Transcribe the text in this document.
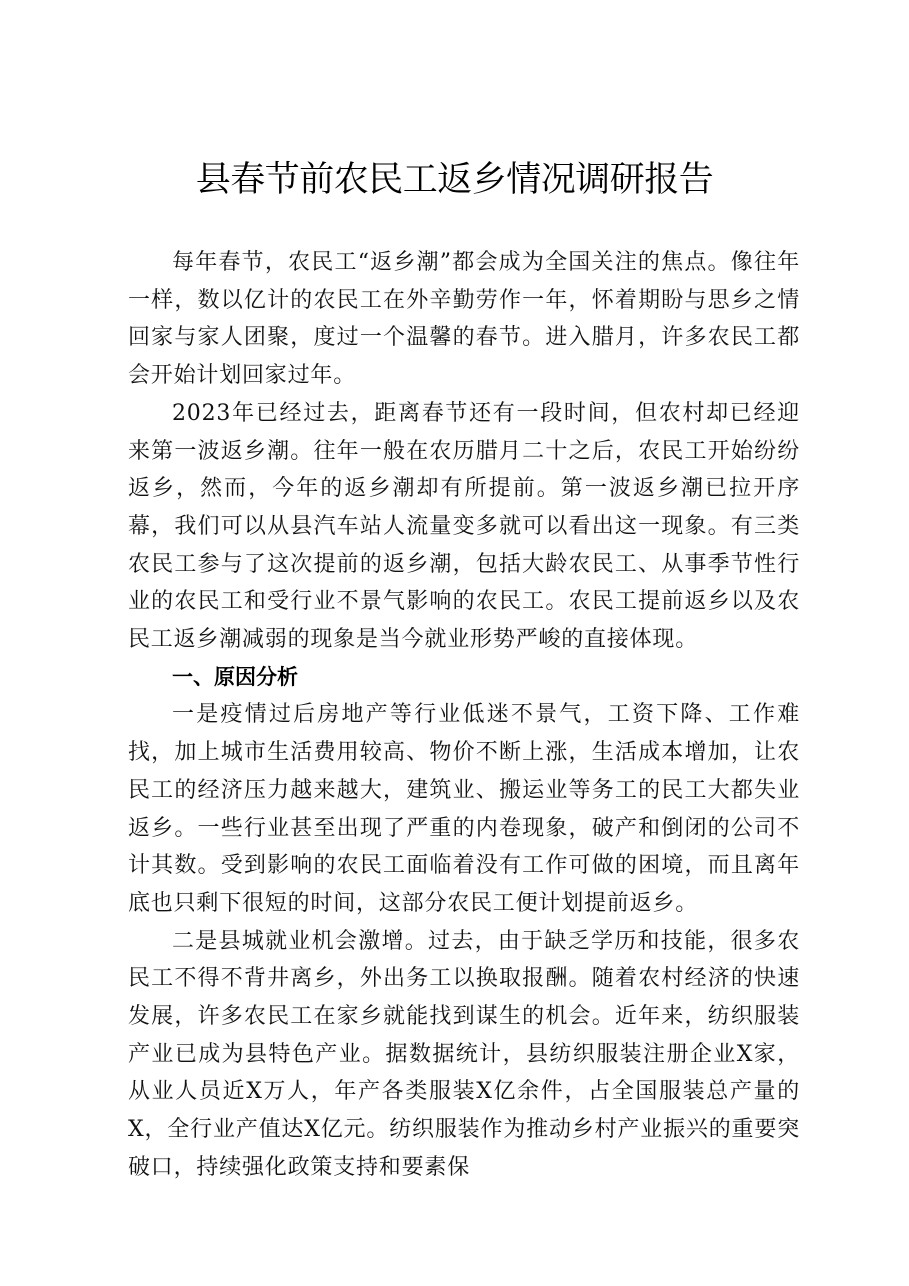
县春节前农民工返乡情况调研报告

每年春节，农民工“返乡潮”都会成为全国关注的焦点。像往年一样，数以亿计的农民工在外辛勤劳作一年，怀着期盼与思乡之情回家与家人团聚，度过一个温馨的春节。进入腊月，许多农民工都会开始计划回家过年。

2023年已经过去，距离春节还有一段时间，但农村却已经迎来第一波返乡潮。往年一般在农历腊月二十之后，农民工开始纷纷返乡，然而，今年的返乡潮却有所提前。第一波返乡潮已拉开序幕，我们可以从县汽车站人流量变多就可以看出这一现象。有三类农民工参与了这次提前的返乡潮，包括大龄农民工、从事季节性行业的农民工和受行业不景气影响的农民工。农民工提前返乡以及农民工返乡潮减弱的现象是当今就业形势严峻的直接体现。

一、原因分析

一是疫情过后房地产等行业低迷不景气，工资下降、工作难找，加上城市生活费用较高、物价不断上涨，生活成本增加，让农民工的经济压力越来越大，建筑业、搬运业等务工的民工大都失业返乡。一些行业甚至出现了严重的内卷现象，破产和倒闭的公司不计其数。受到影响的农民工面临着没有工作可做的困境，而且离年底也只剩下很短的时间，这部分农民工便计划提前返乡。

二是县城就业机会激增。过去，由于缺乏学历和技能，很多农民工不得不背井离乡，外出务工以换取报酬。随着农村经济的快速发展，许多农民工在家乡就能找到谋生的机会。近年来，纺织服装产业已成为县特色产业。据数据统计，县纺织服装注册企业X家，从业人员近X万人，年产各类服装X亿余件，占全国服装总产量的X，全行业产值达X亿元。纺织服装作为推动乡村产业振兴的重要突破口，持续强化政策支持和要素保
